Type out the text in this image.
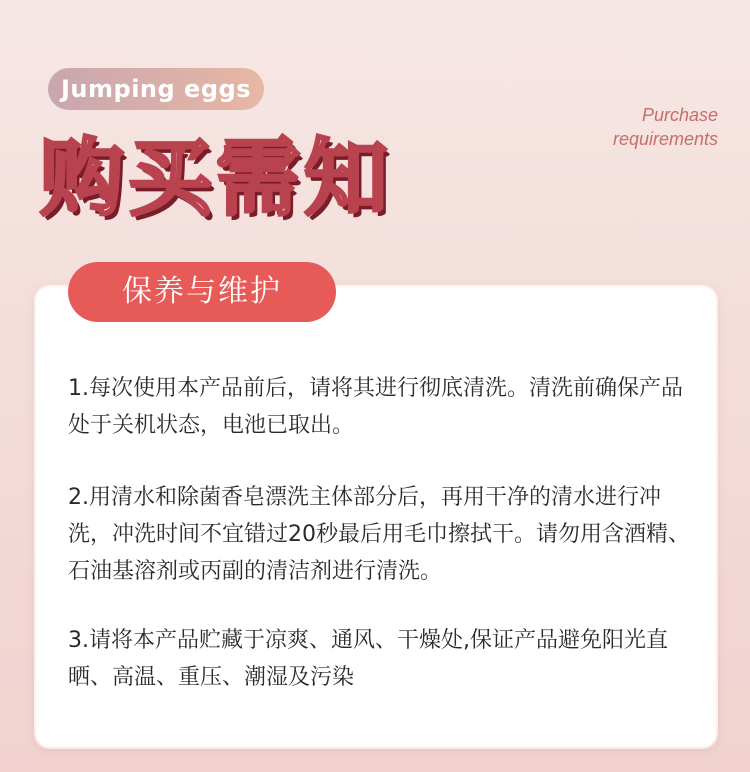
Jumping eggs
Purchase
requirements
购买需知
保养与维护
1.每次使用本产品前后，请将其进行彻底清洗。清洗前确保产品处于关机状态，电池已取出。
2.用清水和除菌香皂漂洗主体部分后，再用干净的清水进行冲洗，冲洗时间不宜错过20秒最后用毛巾擦拭干。请勿用含酒精、石油基溶剂或丙副的清洁剂进行清洗。
3.请将本产品贮藏于凉爽、通风、干燥处,保证产品避免阳光直晒、高温、重压、潮湿及污染
